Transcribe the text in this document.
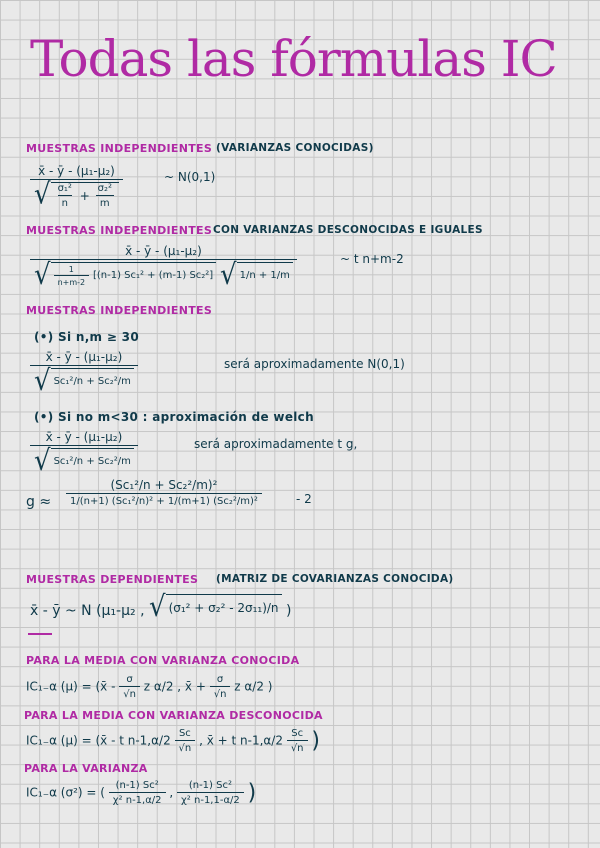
Todas las fórmulas IC
MUESTRAS INDEPENDIENTES (VARIANZAS CONOCIDAS)
$\frac{\text{x̄ - ȳ - (μ₁-μ₂)}}{√ \frac{\text{σ₁²}}{n} + \frac{\text{σ₂²}}{m}}$	~ N(0,1)
MUESTRAS INDEPENDIENTES CON VARIANZAS DESCONOCIDAS E IGUALES
x̄ - ȳ - (μ₁-μ₂)
√ $\frac{1}{n+m-2}$
[(n-1) Sc₁² + (m-1) Sc₂²]
√ 1/n + 1/m
~ t n+m-2
MUESTRAS INDEPENDIENTES
(•) Si n,m ≥ 30
$\frac{\text{x̄ - ȳ - (μ₁-μ₂)}}{\text{√ Sc₁²/n + Sc₂²/m}}$	será aproximadamente N(0,1)
(•) Si no m<30 : aproximación de welch
$\frac{\text{x̄ - ȳ - (μ₁-μ₂)}}{\text{√ Sc₁²/n + Sc₂²/m}}$	será aproximadamente t g,
$g \approx \frac{\text{(Sc₁²/n + Sc₂²/m)²}}{\text{1/(n+1) (Sc₁²/n)² + 1/(m+1) (Sc₂²/m)²}}$	- 2
MUESTRAS DEPENDIENTES (MATRIZ DE COVARIANZAS CONOCIDA)
x̄ - ȳ ~ N (μ₁-μ₂ , √ (σ₁² + σ₂² - 2σ₁₁)/n )
PARA LA MEDIA CON VARIANZA CONOCIDA
IC₁₋α (μ) = (x̄ - $\frac{\sigma}{√n}$ z α/2 , x̄ + $\frac{\sigma}{√n}$ z α/2 )
PARA LA MEDIA CON VARIANZA DESCONOCIDA
IC₁₋α (μ) = (x̄ - t $n-1,\alpha/2 \frac{Sc}{√n}$ , x̄ + t $n-1,\alpha/2 \frac{Sc}{√n}$ )
PARA LA VARIANZA
IC₁₋α (σ²) = ( $\frac{\text{(n-1) Sc²}}{\text{χ² n-1,α/2}}$ , $\frac{\text{(n-1) Sc²}}{\text{χ² n-1,1-α/2}}$ )
